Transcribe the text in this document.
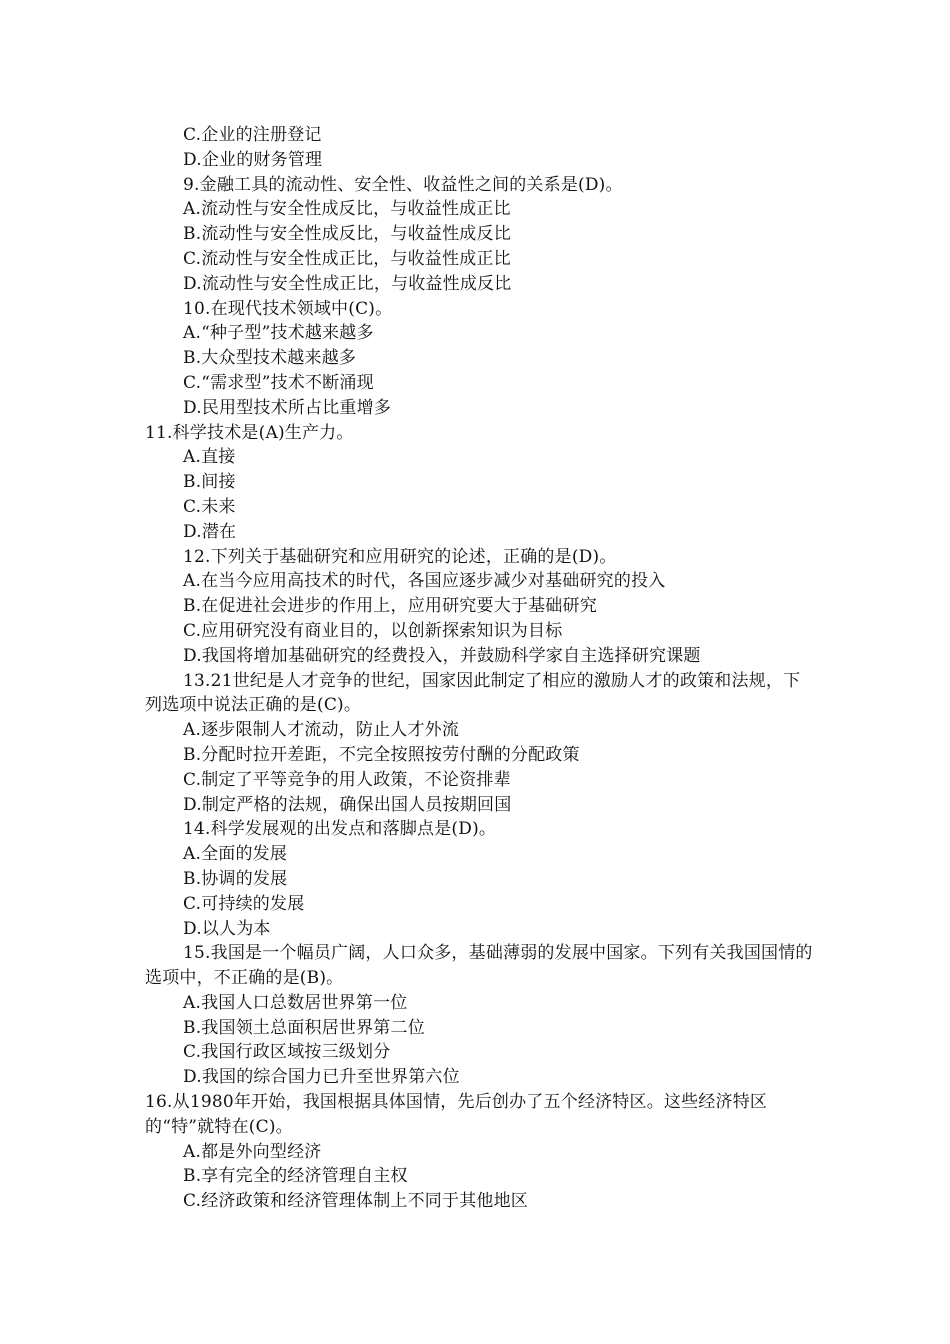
C.企业的注册登记
D.企业的财务管理
9.金融工具的流动性、安全性、收益性之间的关系是(D)。
A.流动性与安全性成反比，与收益性成正比
B.流动性与安全性成反比，与收益性成反比
C.流动性与安全性成正比，与收益性成正比
D.流动性与安全性成正比，与收益性成反比
10.在现代技术领域中(C)。
A.“种子型”技术越来越多
B.大众型技术越来越多
C.“需求型”技术不断涌现
D.民用型技术所占比重增多
11.科学技术是(A)生产力。
A.直接
B.间接
C.未来
D.潜在
12.下列关于基础研究和应用研究的论述，正确的是(D)。
A.在当今应用高技术的时代，各国应逐步减少对基础研究的投入
B.在促进社会进步的作用上，应用研究要大于基础研究
C.应用研究没有商业目的，以创新探索知识为目标
D.我国将增加基础研究的经费投入，并鼓励科学家自主选择研究课题
13.21世纪是人才竞争的世纪，国家因此制定了相应的激励人才的政策和法规，下列选项中说法正确的是(C)。
A.逐步限制人才流动，防止人才外流
B.分配时拉开差距，不完全按照按劳付酬的分配政策
C.制定了平等竞争的用人政策，不论资排辈
D.制定严格的法规，确保出国人员按期回国
14.科学发展观的出发点和落脚点是(D)。
A.全面的发展
B.协调的发展
C.可持续的发展
D.以人为本
15.我国是一个幅员广阔，人口众多，基础薄弱的发展中国家。下列有关我国国情的选项中，不正确的是(B)。
A.我国人口总数居世界第一位
B.我国领土总面积居世界第二位
C.我国行政区域按三级划分
D.我国的综合国力已升至世界第六位
16.从1980年开始，我国根据具体国情，先后创办了五个经济特区。这些经济特区的“特”就特在(C)。
A.都是外向型经济
B.享有完全的经济管理自主权
C.经济政策和经济管理体制上不同于其他地区
